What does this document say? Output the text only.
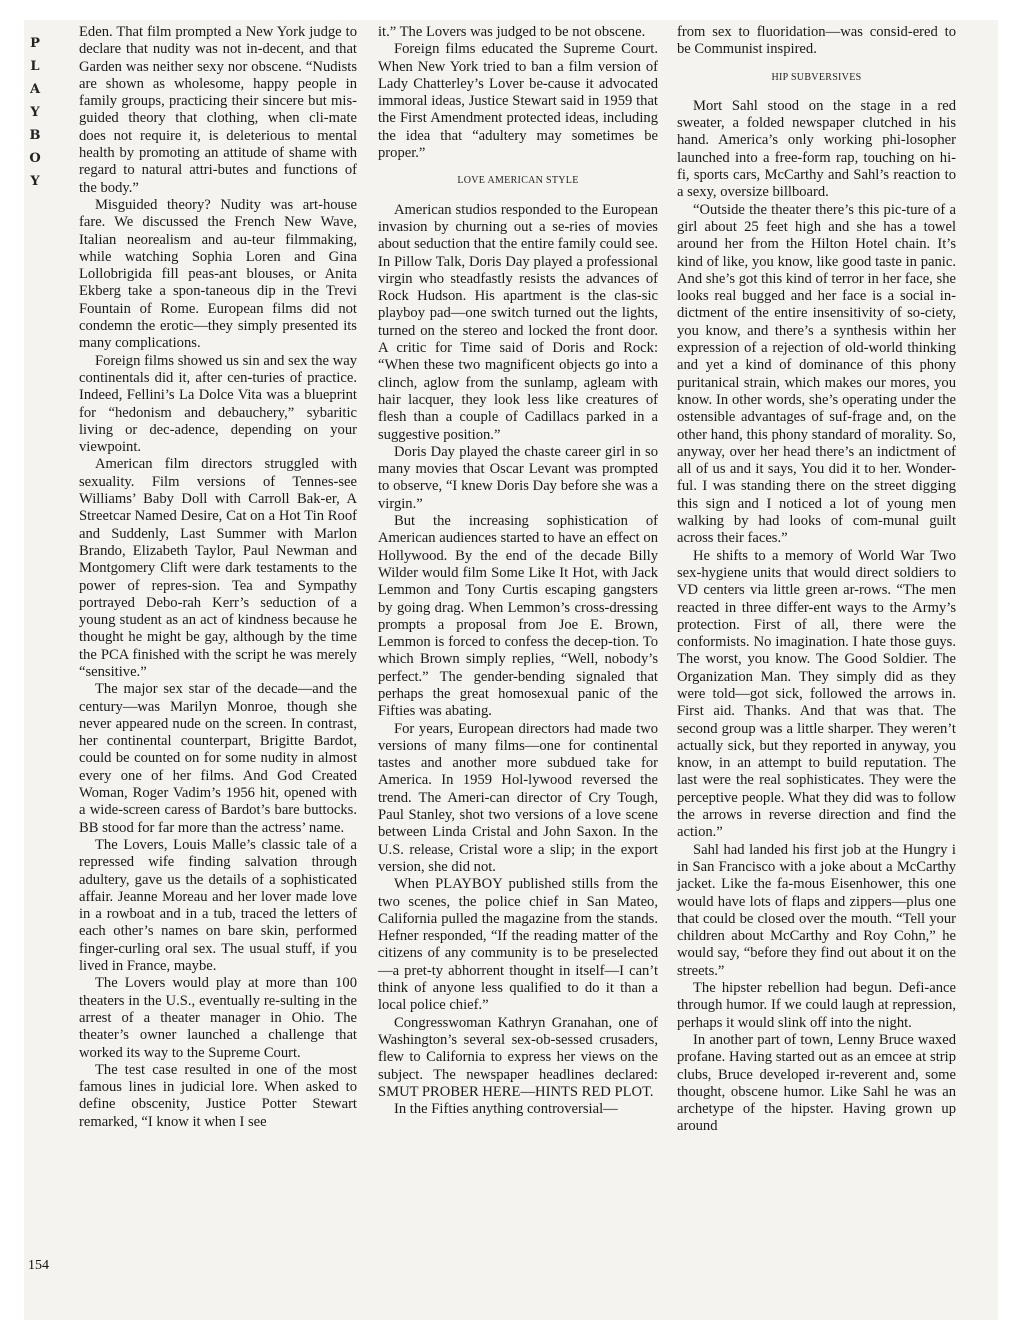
P
L
A
Y
B
O
Y
154

Eden. That film prompted a New York judge to declare that nudity was not in-decent, and that Garden was neither sexy nor obscene. “Nudists are shown as wholesome, happy people in family groups, practicing their sincere but mis-guided theory that clothing, when cli-mate does not require it, is deleterious to mental health by promoting an attitude of shame with regard to natural attri-butes and functions of the body.”

Misguided theory? Nudity was art-house fare. We discussed the French New Wave, Italian neorealism and au-teur filmmaking, while watching Sophia Loren and Gina Lollobrigida fill peas-ant blouses, or Anita Ekberg take a spon-taneous dip in the Trevi Fountain of Rome. European films did not condemn the erotic—they simply presented its many complications.

Foreign films showed us sin and sex the way continentals did it, after cen-turies of practice. Indeed, Fellini’s La Dolce Vita was a blueprint for “hedonism and debauchery,” sybaritic living or dec-adence, depending on your viewpoint.

American film directors struggled with sexuality. Film versions of Tennes-see Williams’ Baby Doll with Carroll Bak-er, A Streetcar Named Desire, Cat on a Hot Tin Roof and Suddenly, Last Summer with Marlon Brando, Elizabeth Taylor, Paul Newman and Montgomery Clift were dark testaments to the power of repres-sion. Tea and Sympathy portrayed Debo-rah Kerr’s seduction of a young student as an act of kindness because he thought he might be gay, although by the time the PCA finished with the script he was merely “sensitive.”

The major sex star of the decade—and the century—was Marilyn Monroe, though she never appeared nude on the screen. In contrast, her continental counterpart, Brigitte Bardot, could be counted on for some nudity in almost every one of her films. And God Created Woman, Roger Vadim’s 1956 hit, opened with a wide-screen caress of Bardot’s bare buttocks. BB stood for far more than the actress’ name.

The Lovers, Louis Malle’s classic tale of a repressed wife finding salvation through adultery, gave us the details of a sophisticated affair. Jeanne Moreau and her lover made love in a rowboat and in a tub, traced the letters of each other’s names on bare skin, performed finger-curling oral sex. The usual stuff, if you lived in France, maybe.

The Lovers would play at more than 100 theaters in the U.S., eventually re-sulting in the arrest of a theater manager in Ohio. The theater’s owner launched a challenge that worked its way to the Supreme Court.

The test case resulted in one of the most famous lines in judicial lore. When asked to define obscenity, Justice Potter Stewart remarked, “I know it when I see

it.” The Lovers was judged to be not obscene.

Foreign films educated the Supreme Court. When New York tried to ban a film version of Lady Chatterley’s Lover be-cause it advocated immoral ideas, Justice Stewart said in 1959 that the First Amendment protected ideas, including the idea that “adultery may sometimes be proper.”

LOVE AMERICAN STYLE

American studios responded to the European invasion by churning out a se-ries of movies about seduction that the entire family could see. In Pillow Talk, Doris Day played a professional virgin who steadfastly resists the advances of Rock Hudson. His apartment is the clas-sic playboy pad—one switch turned out the lights, turned on the stereo and locked the front door. A critic for Time said of Doris and Rock: “When these two magnificent objects go into a clinch, aglow from the sunlamp, agleam with hair lacquer, they look less like creatures of flesh than a couple of Cadillacs parked in a suggestive position.”

Doris Day played the chaste career girl in so many movies that Oscar Levant was prompted to observe, “I knew Doris Day before she was a virgin.”

But the increasing sophistication of American audiences started to have an effect on Hollywood. By the end of the decade Billy Wilder would film Some Like It Hot, with Jack Lemmon and Tony Curtis escaping gangsters by going drag. When Lemmon’s cross-dressing prompts a proposal from Joe E. Brown, Lemmon is forced to confess the decep-tion. To which Brown simply replies, “Well, nobody’s perfect.” The gender-bending signaled that perhaps the great homosexual panic of the Fifties was abating.

For years, European directors had made two versions of many films—one for continental tastes and another more subdued take for America. In 1959 Hol-lywood reversed the trend. The Ameri-can director of Cry Tough, Paul Stanley, shot two versions of a love scene between Linda Cristal and John Saxon. In the U.S. release, Cristal wore a slip; in the export version, she did not.

When PLAYBOY published stills from the two scenes, the police chief in San Mateo, California pulled the magazine from the stands. Hefner responded, “If the reading matter of the citizens of any community is to be preselected—a pret-ty abhorrent thought in itself—I can’t think of anyone less qualified to do it than a local police chief.”

Congresswoman Kathryn Granahan, one of Washington’s several sex-ob-sessed crusaders, flew to California to express her views on the subject. The newspaper headlines declared: SMUT PROBER HERE—HINTS RED PLOT.

In the Fifties anything controversial—

from sex to fluoridation—was consid-ered to be Communist inspired.

HIP SUBVERSIVES

Mort Sahl stood on the stage in a red sweater, a folded newspaper clutched in his hand. America’s only working phi-losopher launched into a free-form rap, touching on hi-fi, sports cars, McCarthy and Sahl’s reaction to a sexy, oversize billboard.

“Outside the theater there’s this pic-ture of a girl about 25 feet high and she has a towel around her from the Hilton Hotel chain. It’s kind of like, you know, like good taste in panic. And she’s got this kind of terror in her face, she looks real bugged and her face is a social in-dictment of the entire insensitivity of so-ciety, you know, and there’s a synthesis within her expression of a rejection of old-world thinking and yet a kind of dominance of this phony puritanical strain, which makes our mores, you know. In other words, she’s operating under the ostensible advantages of suf-frage and, on the other hand, this phony standard of morality. So, anyway, over her head there’s an indictment of all of us and it says, You did it to her. Wonder-ful. I was standing there on the street digging this sign and I noticed a lot of young men walking by had looks of com-munal guilt across their faces.”

He shifts to a memory of World War Two sex-hygiene units that would direct soldiers to VD centers via little green ar-rows. “The men reacted in three differ-ent ways to the Army’s protection. First of all, there were the conformists. No imagination. I hate those guys. The worst, you know. The Good Soldier. The Organization Man. They simply did as they were told—got sick, followed the arrows in. First aid. Thanks. And that was that. The second group was a little sharper. They weren’t actually sick, but they reported in anyway, you know, in an attempt to build reputation. The last were the real sophisticates. They were the perceptive people. What they did was to follow the arrows in reverse direction and find the action.”

Sahl had landed his first job at the Hungry i in San Francisco with a joke about a McCarthy jacket. Like the fa-mous Eisenhower, this one would have lots of flaps and zippers—plus one that could be closed over the mouth. “Tell your children about McCarthy and Roy Cohn,” he would say, “before they find out about it on the streets.”

The hipster rebellion had begun. Defi-ance through humor. If we could laugh at repression, perhaps it would slink off into the night.

In another part of town, Lenny Bruce waxed profane. Having started out as an emcee at strip clubs, Bruce developed ir-reverent and, some thought, obscene humor. Like Sahl he was an archetype of the hipster. Having grown up around
